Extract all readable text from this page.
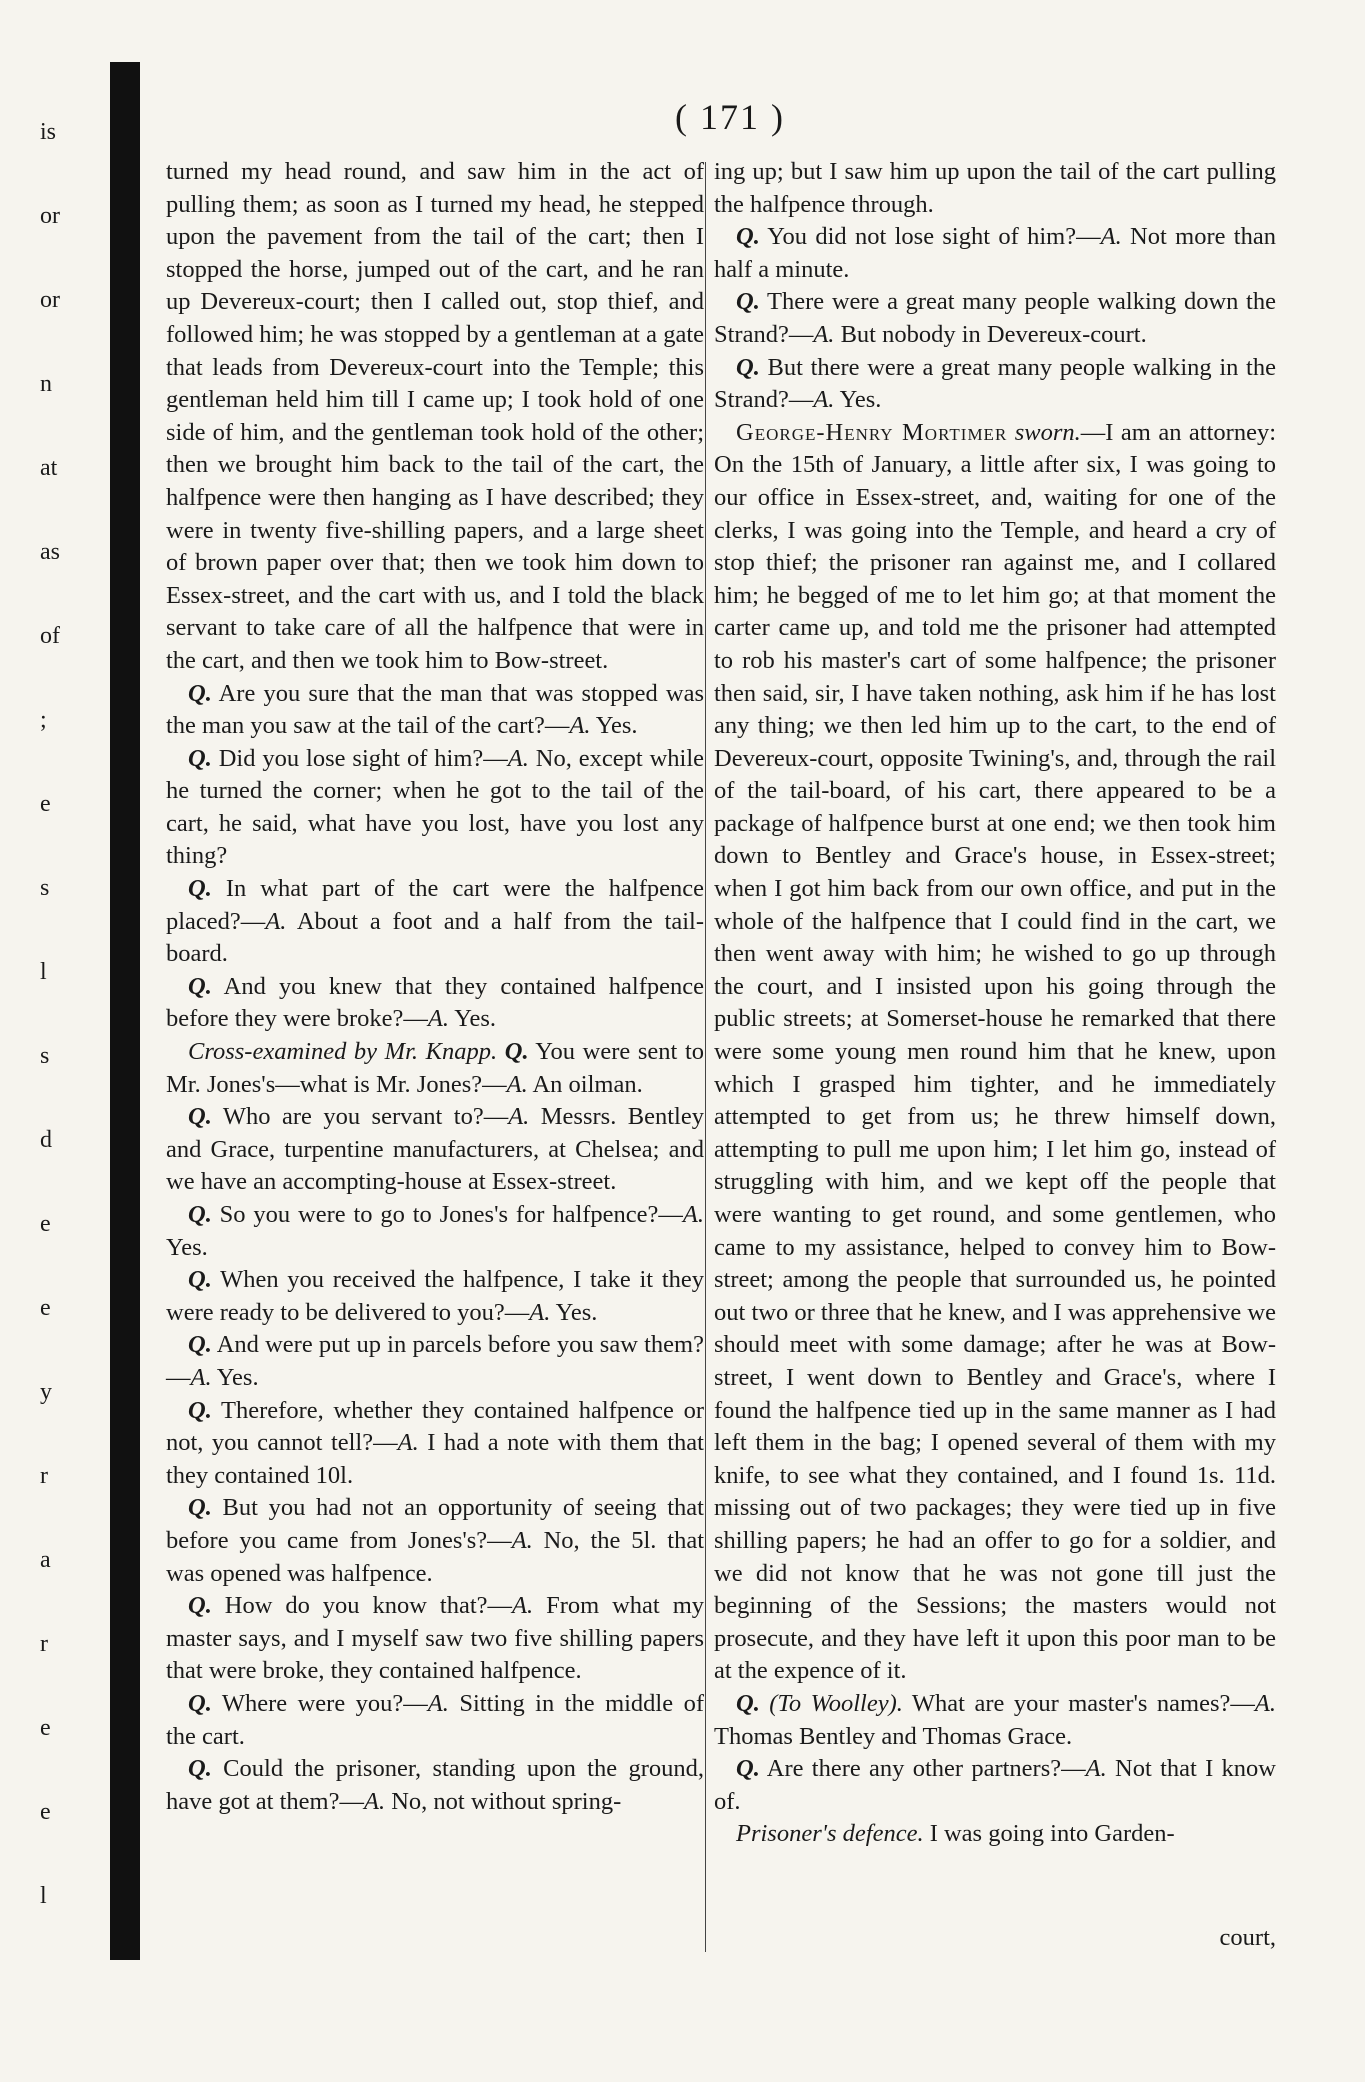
is
or
or
n
at
as
of
;
e
s
l
s
d
e
e
y
r
a
r
e
e
l
( 171 )

turned my head round, and saw him in the act of pulling them; as soon as I turned my head, he stepped upon the pavement from the tail of the cart; then I stopped the horse, jumped out of the cart, and he ran up Devereux-court; then I called out, stop thief, and followed him; he was stopped by a gentleman at a gate that leads from Devereux-court into the Temple; this gentleman held him till I came up; I took hold of one side of him, and the gentleman took hold of the other; then we brought him back to the tail of the cart, the halfpence were then hanging as I have described; they were in twenty five-shilling papers, and a large sheet of brown paper over that; then we took him down to Essex-street, and the cart with us, and I told the black servant to take care of all the halfpence that were in the cart, and then we took him to Bow-street.

Q. Are you sure that the man that was stopped was the man you saw at the tail of the cart?—A. Yes.

Q. Did you lose sight of him?—A. No, except while he turned the corner; when he got to the tail of the cart, he said, what have you lost, have you lost any thing?

Q. In what part of the cart were the halfpence placed?—A. About a foot and a half from the tail-board.

Q. And you knew that they contained halfpence before they were broke?—A. Yes.

Cross-examined by Mr. Knapp. Q. You were sent to Mr. Jones's—what is Mr. Jones?—A. An oilman.

Q. Who are you servant to?—A. Messrs. Bentley and Grace, turpentine manufacturers, at Chelsea; and we have an accompting-house at Essex-street.

Q. So you were to go to Jones's for halfpence?—A. Yes.

Q. When you received the halfpence, I take it they were ready to be delivered to you?—A. Yes.

Q. And were put up in parcels before you saw them?—A. Yes.

Q. Therefore, whether they contained halfpence or not, you cannot tell?—A. I had a note with them that they contained 10l.

Q. But you had not an opportunity of seeing that before you came from Jones's?—A. No, the 5l. that was opened was halfpence.

Q. How do you know that?—A. From what my master says, and I myself saw two five shilling papers that were broke, they contained halfpence.

Q. Where were you?—A. Sitting in the middle of the cart.

Q. Could the prisoner, standing upon the ground, have got at them?—A. No, not without spring-

ing up; but I saw him up upon the tail of the cart pulling the halfpence through.

Q. You did not lose sight of him?—A. Not more than half a minute.

Q. There were a great many people walking down the Strand?—A. But nobody in Devereux-court.

Q. But there were a great many people walking in the Strand?—A. Yes.

George-Henry Mortimer sworn.—I am an attorney: On the 15th of January, a little after six, I was going to our office in Essex-street, and, waiting for one of the clerks, I was going into the Temple, and heard a cry of stop thief; the prisoner ran against me, and I collared him; he begged of me to let him go; at that moment the carter came up, and told me the prisoner had attempted to rob his master's cart of some halfpence; the prisoner then said, sir, I have taken nothing, ask him if he has lost any thing; we then led him up to the cart, to the end of Devereux-court, opposite Twining's, and, through the rail of the tail-board, of his cart, there appeared to be a package of halfpence burst at one end; we then took him down to Bentley and Grace's house, in Essex-street; when I got him back from our own office, and put in the whole of the halfpence that I could find in the cart, we then went away with him; he wished to go up through the court, and I insisted upon his going through the public streets; at Somerset-house he remarked that there were some young men round him that he knew, upon which I grasped him tighter, and he immediately attempted to get from us; he threw himself down, attempting to pull me upon him; I let him go, instead of struggling with him, and we kept off the people that were wanting to get round, and some gentlemen, who came to my assistance, helped to convey him to Bow-street; among the people that surrounded us, he pointed out two or three that he knew, and I was apprehensive we should meet with some damage; after he was at Bow-street, I went down to Bentley and Grace's, where I found the halfpence tied up in the same manner as I had left them in the bag; I opened several of them with my knife, to see what they contained, and I found 1s. 11d. missing out of two packages; they were tied up in five shilling papers; he had an offer to go for a soldier, and we did not know that he was not gone till just the beginning of the Sessions; the masters would not prosecute, and they have left it upon this poor man to be at the expence of it.

Q. (To Woolley). What are your master's names?—A. Thomas Bentley and Thomas Grace.

Q. Are there any other partners?—A. Not that I know of.

Prisoner's defence. I was going into Garden-

court,
